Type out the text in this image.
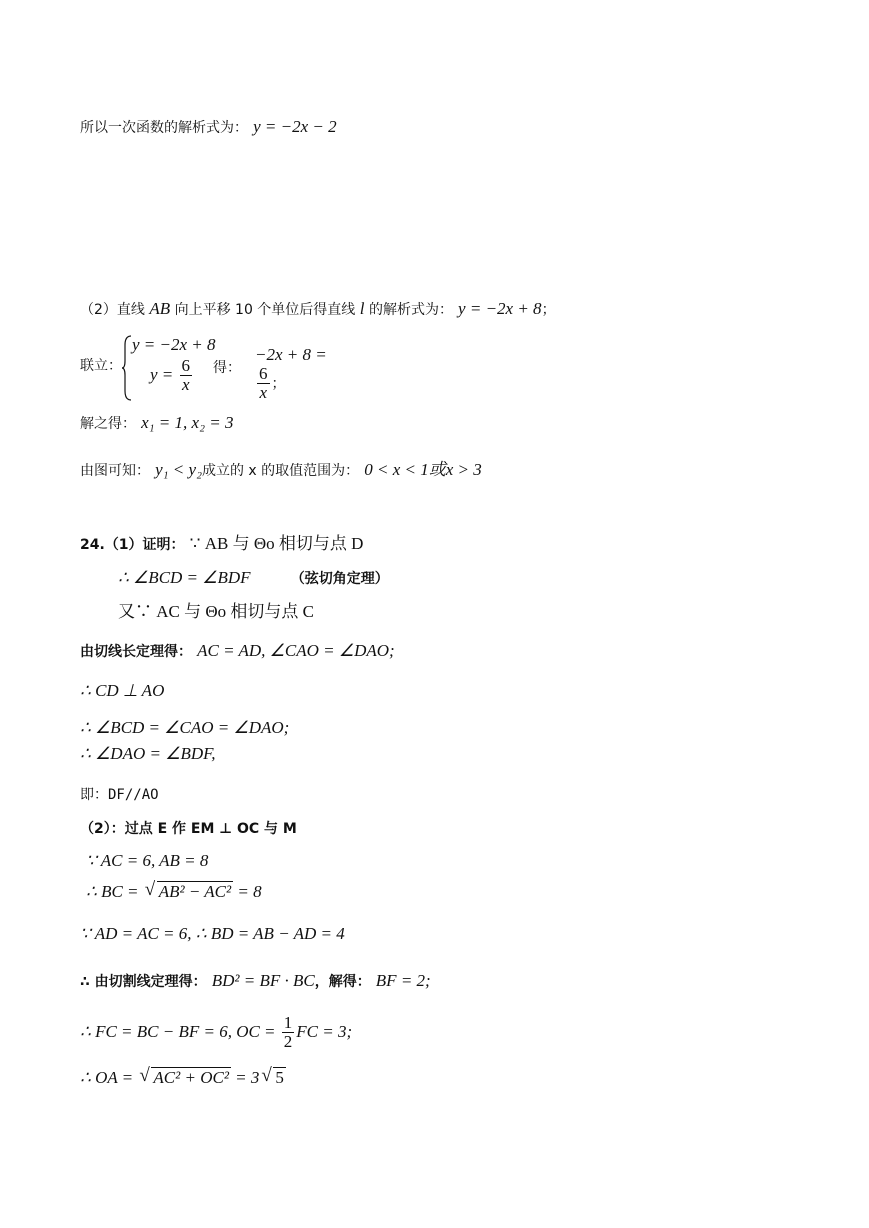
所以一次函数的解析式为： y = −2x − 2
（2）直线 AB 向上平移 10 个单位后得直线 l 的解析式为： y = −2x + 8；
联立：
y = −2x + 8
$y = \frac{6}{x}$ 得：
−2x + 8 =
$\frac{6}{x}$ ；
解之得： x₁ = 1, x₂ = 3
由图可知： y₁ < y₂成立的 x 的取值范围为： 0 < x < 1或x > 3
24.（1）证明： ∵ AB 与 Θo 相切与点 D
∴ ∠BCD = ∠BDF	（弦切角定理）
又∵ AC 与 Θo 相切与点 C
由切线长定理得： AC = AD, ∠CAO = ∠DAO;
∴ CD ⊥ AO
∴ ∠BCD = ∠CAO = ∠DAO;
∴ ∠DAO = ∠BDF,
即：DF//AO
（2）：过点 E 作 EM ⊥ OC 与 M
∵ AC = 6, AB = 8
∴ BC = √ AB² − AC² = 8
∵ AD = AC = 6, ∴ BD = AB − AD = 4
∴ 由切割线定理得： BD² = BF · BC，解得： BF = 2;
∴ FC = BC − BF = 6, OC = $\frac{1}{2}$ FC = 3;
∴ OA = √ AC² + OC² = 3 √ 5
